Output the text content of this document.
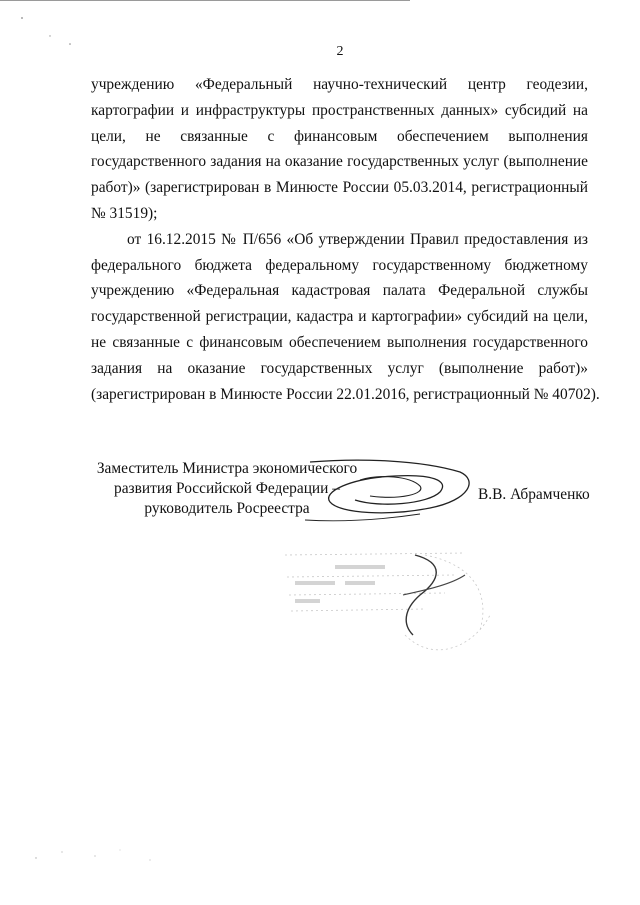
2
учреждению «Федеральный научно-технический центр геодезии,
картографии и инфраструктуры пространственных данных» субсидий на
цели, не связанные с финансовым обеспечением выполнения
государственного задания на оказание государственных услуг (выполнение
работ)» (зарегистрирован в Минюсте России 05.03.2014, регистрационный
№ 31519);
от 16.12.2015 № П/656 «Об утверждении Правил предоставления из
федерального бюджета федеральному государственному бюджетному
учреждению «Федеральная кадастровая палата Федеральной службы
государственной регистрации, кадастра и картографии» субсидий на цели,
не связанные с финансовым обеспечением выполнения государственного
задания на оказание государственных услуг (выполнение работ)»
(зарегистрирован в Минюсте России 22.01.2016, регистрационный № 40702).
Заместитель Министра экономического
развития Российской Федерации –
руководитель Росреестра
В.В. Абрамченко
